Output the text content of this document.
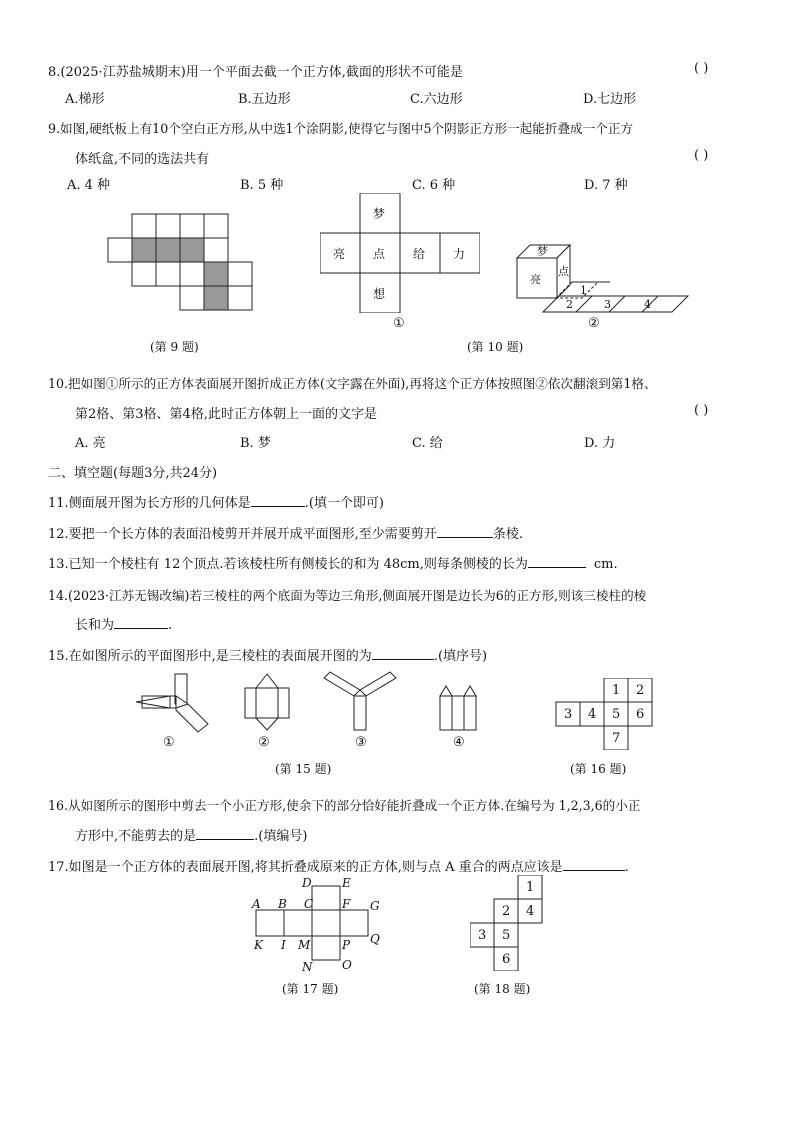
8.(2025·江苏盐城期末)用一个平面去截一个正方体,截面的形状不可能是	( )
A.梯形	B.五边形	C.六边形	D.七边形
9.如图,硬纸板上有10个空白正方形,从中选1个涂阴影,使得它与图中5个阴影正方形一起能折叠成一个正方
体纸盒,不同的选法共有	( )
A. 4 种	B. 5 种	C. 6 种	D. 7 种
(第 9 题)
梦
亮 点 给 力
想
①
梦
亮
点
1
2	3	4
②
(第 10 题)
10.把如图①所示的正方体表面展开图折成正方体(文字露在外面),再将这个正方体按照图②依次翻滚到第1格、
第2格、第3格、第4格,此时正方体朝上一面的文字是	( )
A. 亮	B. 梦	C. 给	D. 力
二、填空题(每题3分,共24分)
11.侧面展开图为长方形的几何体是	.(填一个即可)
12.要把一个长方体的表面沿棱剪开并展开成平面图形,至少需要剪开	条棱.
13.已知一个棱柱有 12个顶点.若该棱柱所有侧棱长的和为 48cm,则每条侧棱的长为	cm.
14.(2023·江苏无锡改编)若三棱柱的两个底面为等边三角形,侧面展开图是边长为6的正方形,则该三棱柱的棱
长和为	.
15.在如图所示的平面图形中,是三棱柱的表面展开图的为	.(填序号)
①	②	③	④
(第 15 题)
1 2
3 4 5 6
7
(第 16 题)
16.从如图所示的图形中剪去一个小正方形,使余下的部分恰好能折叠成一个正方体.在编号为 1,2,3,6的小正
方形中,不能剪去的是	.(填编号)
17.如图是一个正方体的表面展开图,将其折叠成原来的正方体,则与点 A 重合的两点应该是	.
D	E
A B C F G
K I M	P Q
N O
(第 17 题)
1
2 4
3 5
6
(第 18 题)
